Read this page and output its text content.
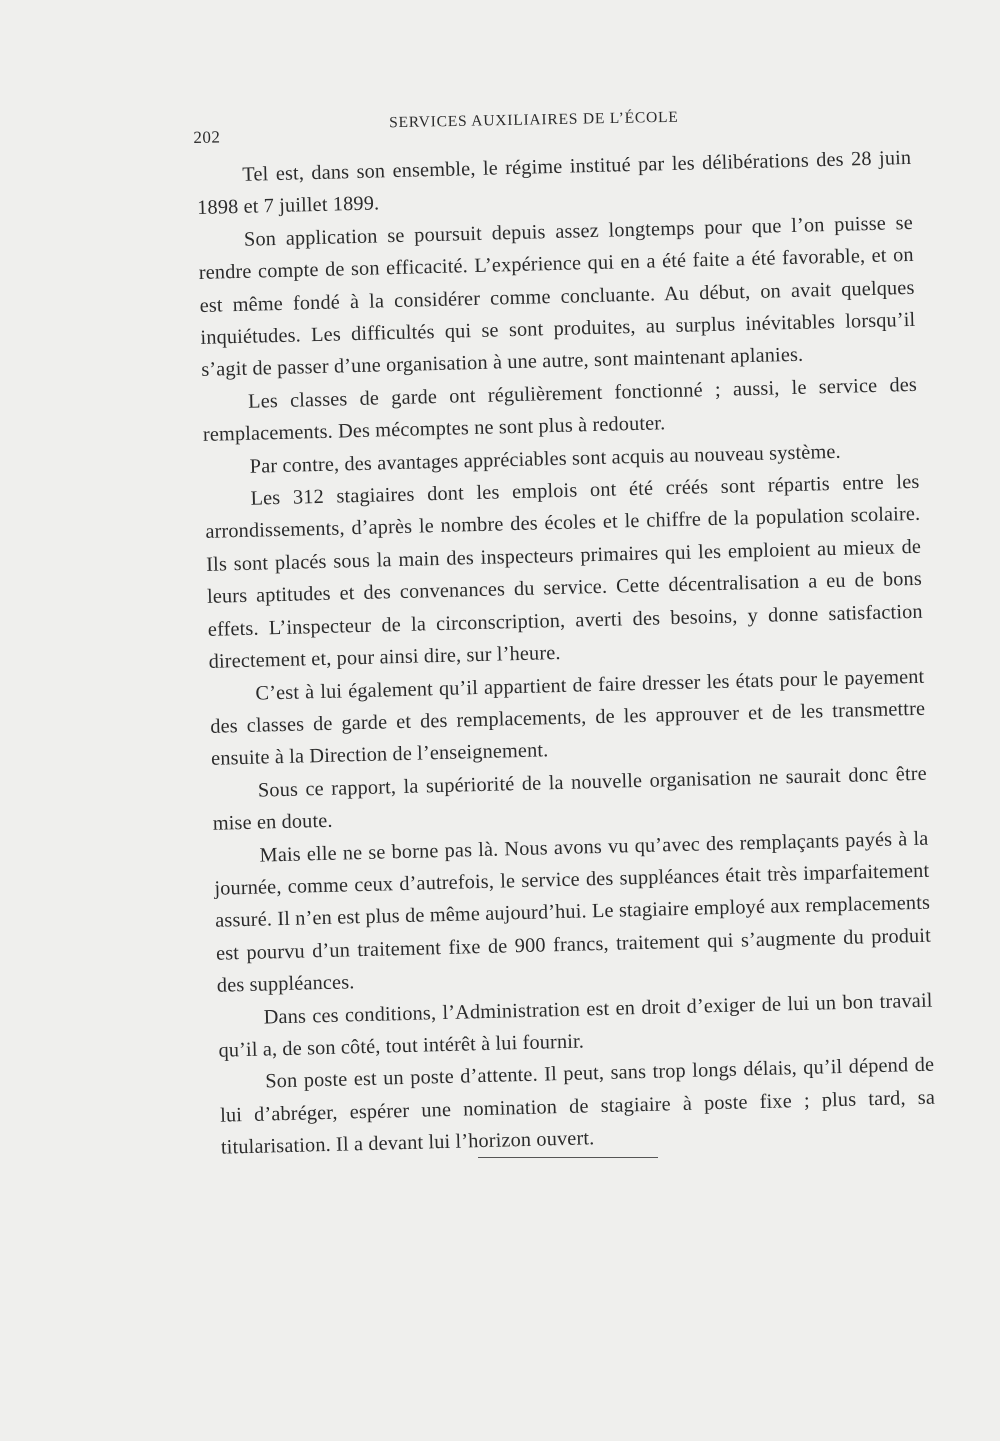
202
SERVICES AUXILIAIRES DE L’ÉCOLE

Tel est, dans son ensemble, le régime institué par les délibérations des 28 juin 1898 et 7 juillet 1899.

Son application se poursuit depuis assez longtemps pour que l’on puisse se rendre compte de son efficacité. L’expérience qui en a été faite a été favorable, et on est même fondé à la considérer comme concluante. Au début, on avait quelques inquiétudes. Les difficultés qui se sont produites, au surplus inévitables lorsqu’il s’agit de passer d’une organisation à une autre, sont maintenant aplanies.

Les classes de garde ont régulièrement fonctionné ; aussi, le service des remplacements. Des mécomptes ne sont plus à redouter.

Par contre, des avantages appréciables sont acquis au nouveau système.

Les 312 stagiaires dont les emplois ont été créés sont répartis entre les arrondissements, d’après le nombre des écoles et le chiffre de la population scolaire. Ils sont placés sous la main des inspecteurs primaires qui les emploient au mieux de leurs aptitudes et des convenances du service. Cette décentralisation a eu de bons effets. L’inspecteur de la circonscription, averti des besoins, y donne satisfaction directement et, pour ainsi dire, sur l’heure.

C’est à lui également qu’il appartient de faire dresser les états pour le payement des classes de garde et des remplacements, de les approuver et de les transmettre ensuite à la Direction de l’enseignement.

Sous ce rapport, la supériorité de la nouvelle organisation ne saurait donc être mise en doute.

Mais elle ne se borne pas là. Nous avons vu qu’avec des remplaçants payés à la journée, comme ceux d’autrefois, le service des suppléances était très imparfaitement assuré. Il n’en est plus de même aujourd’hui. Le stagiaire employé aux remplacements est pourvu d’un traitement fixe de 900 francs, traitement qui s’augmente du produit des suppléances.

Dans ces conditions, l’Administration est en droit d’exiger de lui un bon travail qu’il a, de son côté, tout intérêt à lui fournir.

Son poste est un poste d’attente. Il peut, sans trop longs délais, qu’il dépend de lui d’abréger, espérer une nomination de stagiaire à poste fixe ; plus tard, sa titularisation. Il a devant lui l’horizon ouvert.
